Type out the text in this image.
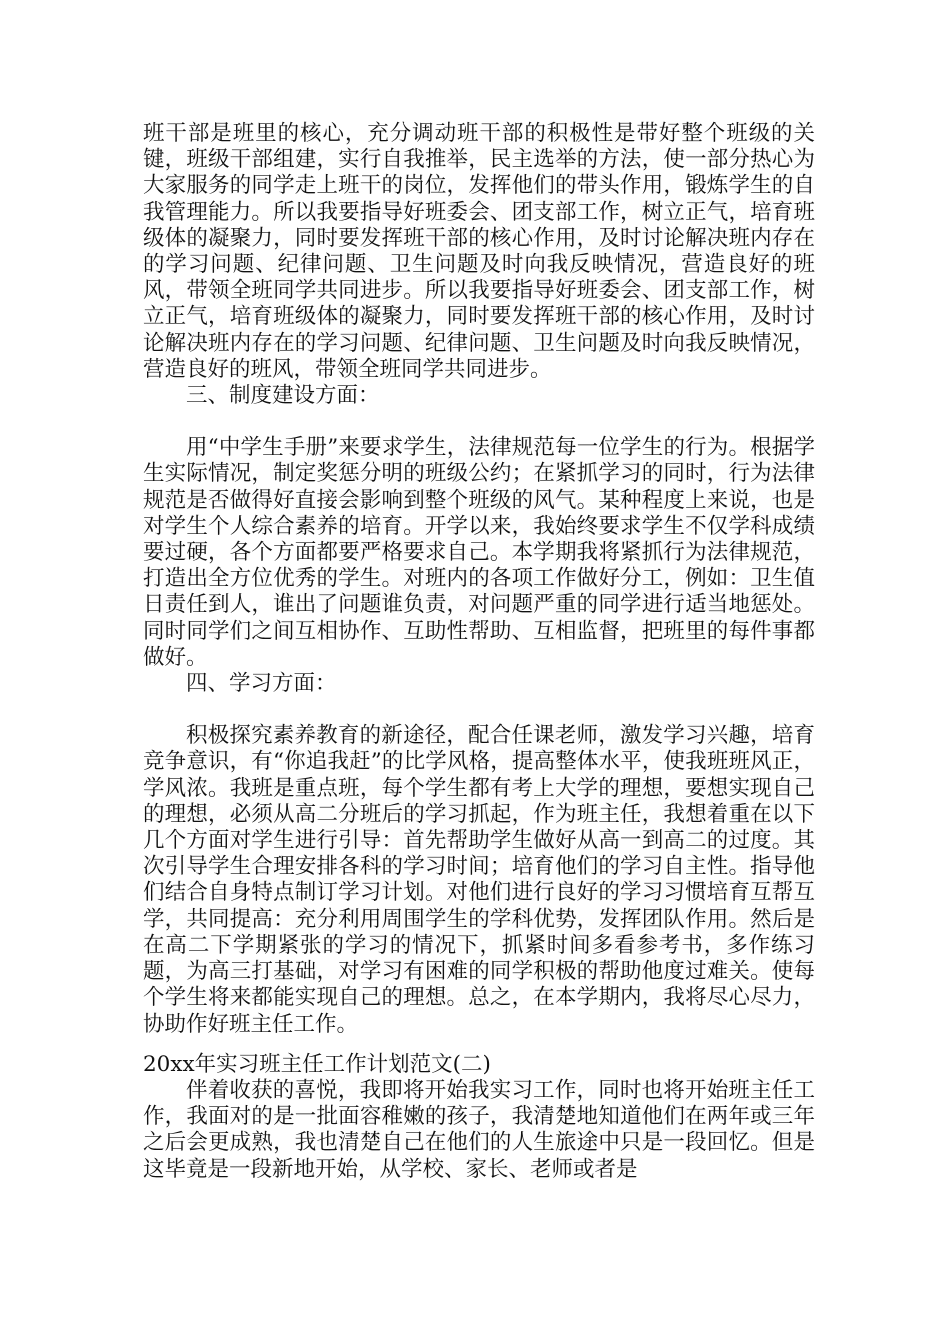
班干部是班里的核心，充分调动班干部的积极性是带好整个班级的关键，班级干部组建，实行自我推举，民主选举的方法，使一部分热心为大家服务的同学走上班干的岗位，发挥他们的带头作用，锻炼学生的自我管理能力。所以我要指导好班委会、团支部工作，树立正气，培育班级体的凝聚力，同时要发挥班干部的核心作用，及时讨论解决班内存在的学习问题、纪律问题、卫生问题及时向我反映情况，营造良好的班风，带领全班同学共同进步。所以我要指导好班委会、团支部工作，树立正气，培育班级体的凝聚力，同时要发挥班干部的核心作用，及时讨论解决班内存在的学习问题、纪律问题、卫生问题及时向我反映情况，营造良好的班风，带领全班同学共同进步。

三、制度建设方面：

用“中学生手册”来要求学生，法律规范每一位学生的行为。根据学生实际情况，制定奖惩分明的班级公约；在紧抓学习的同时，行为法律规范是否做得好直接会影响到整个班级的风气。某种程度上来说，也是对学生个人综合素养的培育。开学以来，我始终要求学生不仅学科成绩要过硬，各个方面都要严格要求自己。本学期我将紧抓行为法律规范，打造出全方位优秀的学生。对班内的各项工作做好分工，例如：卫生值日责任到人，谁出了问题谁负责，对问题严重的同学进行适当地惩处。同时同学们之间互相协作、互助性帮助、互相监督，把班里的每件事都做好。

四、学习方面：

积极探究素养教育的新途径，配合任课老师，激发学习兴趣，培育竞争意识，有“你追我赶”的比学风格，提高整体水平，使我班班风正，学风浓。我班是重点班，每个学生都有考上大学的理想，要想实现自己的理想，必须从高二分班后的学习抓起，作为班主任，我想着重在以下几个方面对学生进行引导：首先帮助学生做好从高一到高二的过度。其次引导学生合理安排各科的学习时间；培育他们的学习自主性。指导他们结合自身特点制订学习计划。对他们进行良好的学习习惯培育互帮互学，共同提高：充分利用周围学生的学科优势，发挥团队作用。然后是在高二下学期紧张的学习的情况下，抓紧时间多看参考书，多作练习题，为高三打基础，对学习有困难的同学积极的帮助他度过难关。使每个学生将来都能实现自己的理想。总之，在本学期内，我将尽心尽力，协助作好班主任工作。

20xx年实习班主任工作计划范文(二)

伴着收获的喜悦，我即将开始我实习工作，同时也将开始班主任工作，我面对的是一批面容稚嫩的孩子，我清楚地知道他们在两年或三年之后会更成熟，我也清楚自己在他们的人生旅途中只是一段回忆。但是这毕竟是一段新地开始，从学校、家长、老师或者是
